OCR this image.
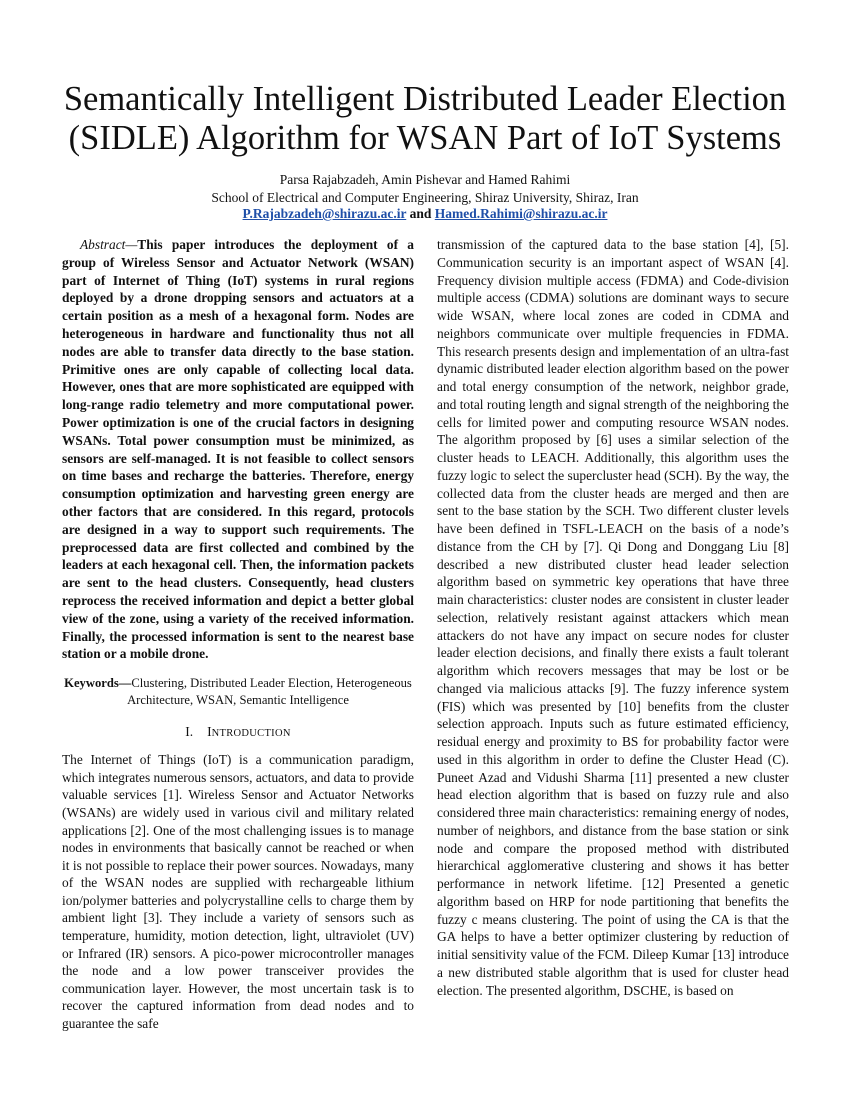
Semantically Intelligent Distributed Leader Election (SIDLE) Algorithm for WSAN Part of IoT Systems
Parsa Rajabzadeh, Amin Pishevar and Hamed Rahimi
School of Electrical and Computer Engineering, Shiraz University, Shiraz, Iran
P.Rajabzadeh@shirazu.ac.ir and Hamed.Rahimi@shirazu.ac.ir

Abstract—This paper introduces the deployment of a group of Wireless Sensor and Actuator Network (WSAN) part of Internet of Thing (IoT) systems in rural regions deployed by a drone dropping sensors and actuators at a certain position as a mesh of a hexagonal form. Nodes are heterogeneous in hardware and functionality thus not all nodes are able to transfer data directly to the base station. Primitive ones are only capable of collecting local data. However, ones that are more sophisticated are equipped with long-range radio telemetry and more computational power. Power optimization is one of the crucial factors in designing WSANs. Total power consumption must be minimized, as sensors are self-managed. It is not feasible to collect sensors on time bases and recharge the batteries. Therefore, energy consumption optimization and harvesting green energy are other factors that are considered. In this regard, protocols are designed in a way to support such requirements. The preprocessed data are first collected and combined by the leaders at each hexagonal cell. Then, the information packets are sent to the head clusters. Consequently, head clusters reprocess the received information and depict a better global view of the zone, using a variety of the received information. Finally, the processed information is sent to the nearest base station or a mobile drone.

Keywords—Clustering, Distributed Leader Election, Heterogeneous Architecture, WSAN, Semantic Intelligence

I. INTRODUCTION

The Internet of Things (IoT) is a communication paradigm, which integrates numerous sensors, actuators, and data to provide valuable services [1]. Wireless Sensor and Actuator Networks (WSANs) are widely used in various civil and military related applications [2]. One of the most challenging issues is to manage nodes in environments that basically cannot be reached or when it is not possible to replace their power sources. Nowadays, many of the WSAN nodes are supplied with rechargeable lithium ion/polymer batteries and polycrystalline cells to charge them by ambient light [3]. They include a variety of sensors such as temperature, humidity, motion detection, light, ultraviolet (UV) or Infrared (IR) sensors. A pico-power microcontroller manages the node and a low power transceiver provides the communication layer. However, the most uncertain task is to recover the captured information from dead nodes and to guarantee the safe

transmission of the captured data to the base station [4], [5]. Communication security is an important aspect of WSAN [4]. Frequency division multiple access (FDMA) and Code-division multiple access (CDMA) solutions are dominant ways to secure wide WSAN, where local zones are coded in CDMA and neighbors communicate over multiple frequencies in FDMA. This research presents design and implementation of an ultra-fast dynamic distributed leader election algorithm based on the power and total energy consumption of the network, neighbor grade, and total routing length and signal strength of the neighboring the cells for limited power and computing resource WSAN nodes. The algorithm proposed by [6] uses a similar selection of the cluster heads to LEACH. Additionally, this algorithm uses the fuzzy logic to select the supercluster head (SCH). By the way, the collected data from the cluster heads are merged and then are sent to the base station by the SCH. Two different cluster levels have been defined in TSFL-LEACH on the basis of a node’s distance from the CH by [7]. Qi Dong and Donggang Liu [8] described a new distributed cluster head leader selection algorithm based on symmetric key operations that have three main characteristics: cluster nodes are consistent in cluster leader selection, relatively resistant against attackers which mean attackers do not have any impact on secure nodes for cluster leader election decisions, and finally there exists a fault tolerant algorithm which recovers messages that may be lost or be changed via malicious attacks [9]. The fuzzy inference system (FIS) which was presented by [10] benefits from the cluster selection approach. Inputs such as future estimated efficiency, residual energy and proximity to BS for probability factor were used in this algorithm in order to define the Cluster Head (C). Puneet Azad and Vidushi Sharma [11] presented a new cluster head election algorithm that is based on fuzzy rule and also considered three main characteristics: remaining energy of nodes, number of neighbors, and distance from the base station or sink node and compare the proposed method with distributed hierarchical agglomerative clustering and shows it has better performance in network lifetime. [12] Presented a genetic algorithm based on HRP for node partitioning that benefits the fuzzy c means clustering. The point of using the CA is that the GA helps to have a better optimizer clustering by reduction of initial sensitivity value of the FCM. Dileep Kumar [13] introduce a new distributed stable algorithm that is used for cluster head election. The presented algorithm, DSCHE, is based on
